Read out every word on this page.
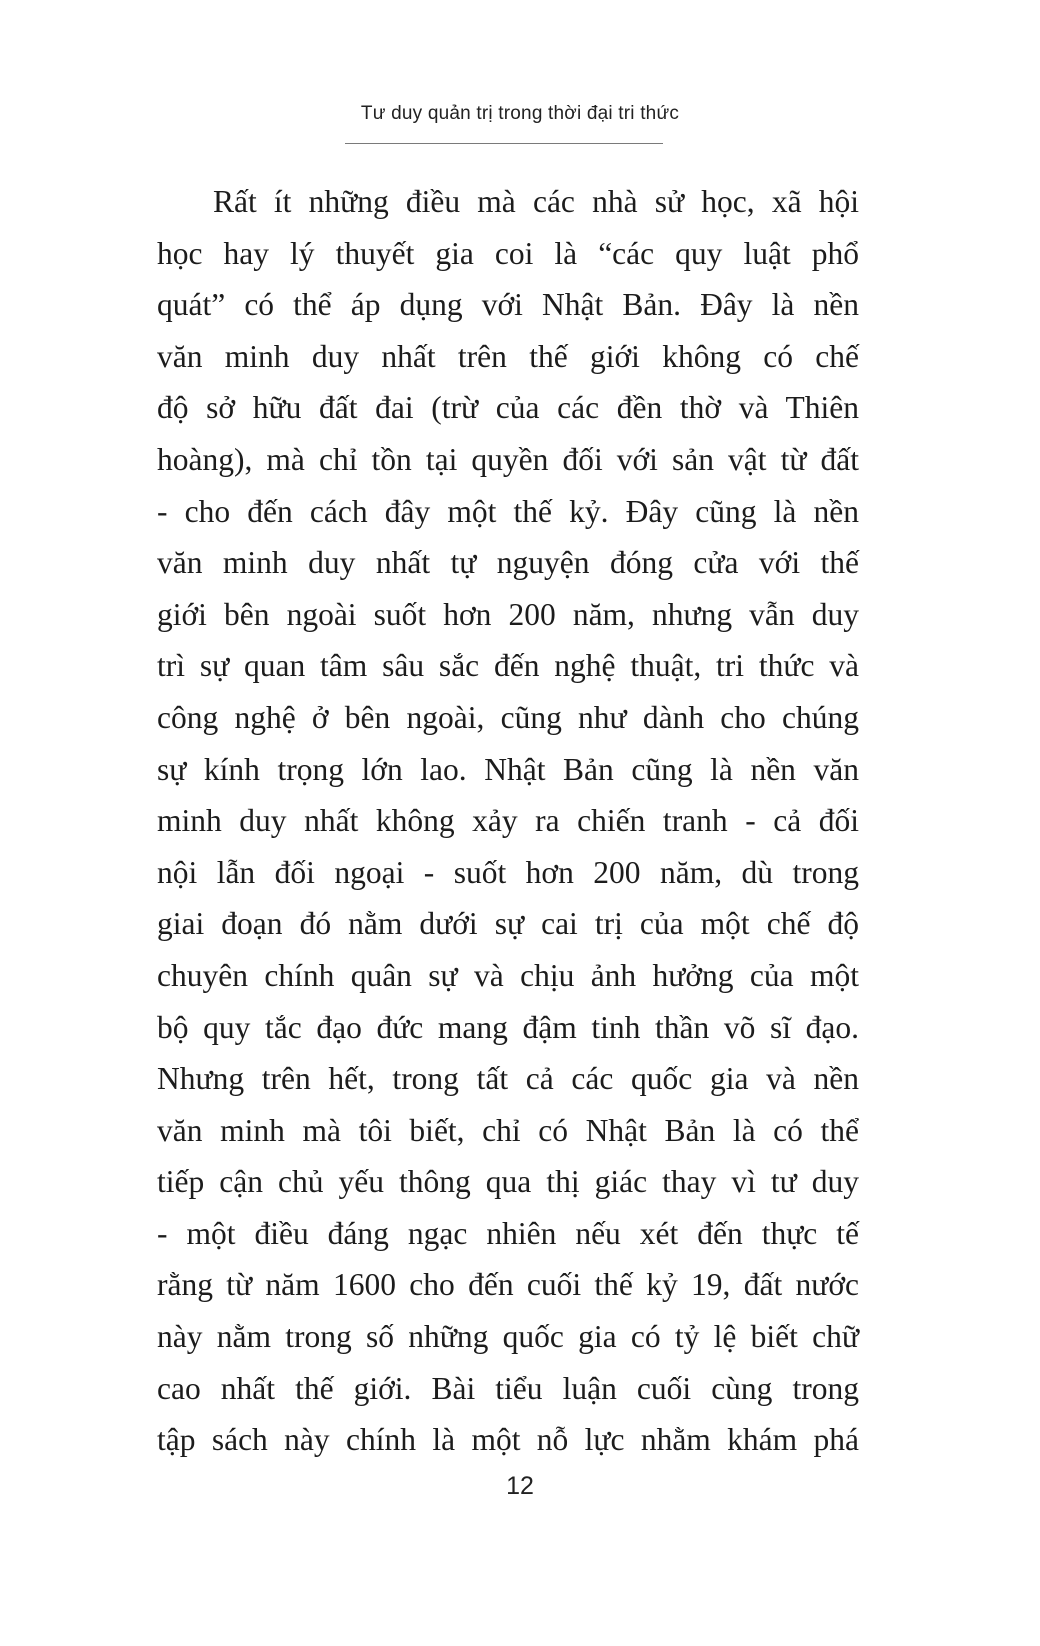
Tư duy quản trị trong thời đại tri thức
Rất ít những điều mà các nhà sử học, xã hội
học hay lý thuyết gia coi là “các quy luật phổ
quát” có thể áp dụng với Nhật Bản. Đây là nền
văn minh duy nhất trên thế giới không có chế
độ sở hữu đất đai (trừ của các đền thờ và Thiên
hoàng), mà chỉ tồn tại quyền đối với sản vật từ đất
- cho đến cách đây một thế kỷ. Đây cũng là nền
văn minh duy nhất tự nguyện đóng cửa với thế
giới bên ngoài suốt hơn 200 năm, nhưng vẫn duy
trì sự quan tâm sâu sắc đến nghệ thuật, tri thức và
công nghệ ở bên ngoài, cũng như dành cho chúng
sự kính trọng lớn lao. Nhật Bản cũng là nền văn
minh duy nhất không xảy ra chiến tranh - cả đối
nội lẫn đối ngoại - suốt hơn 200 năm, dù trong
giai đoạn đó nằm dưới sự cai trị của một chế độ
chuyên chính quân sự và chịu ảnh hưởng của một
bộ quy tắc đạo đức mang đậm tinh thần võ sĩ đạo.
Nhưng trên hết, trong tất cả các quốc gia và nền
văn minh mà tôi biết, chỉ có Nhật Bản là có thể
tiếp cận chủ yếu thông qua thị giác thay vì tư duy
- một điều đáng ngạc nhiên nếu xét đến thực tế
rằng từ năm 1600 cho đến cuối thế kỷ 19, đất nước
này nằm trong số những quốc gia có tỷ lệ biết chữ
cao nhất thế giới. Bài tiểu luận cuối cùng trong
tập sách này chính là một nỗ lực nhằm khám phá
12
